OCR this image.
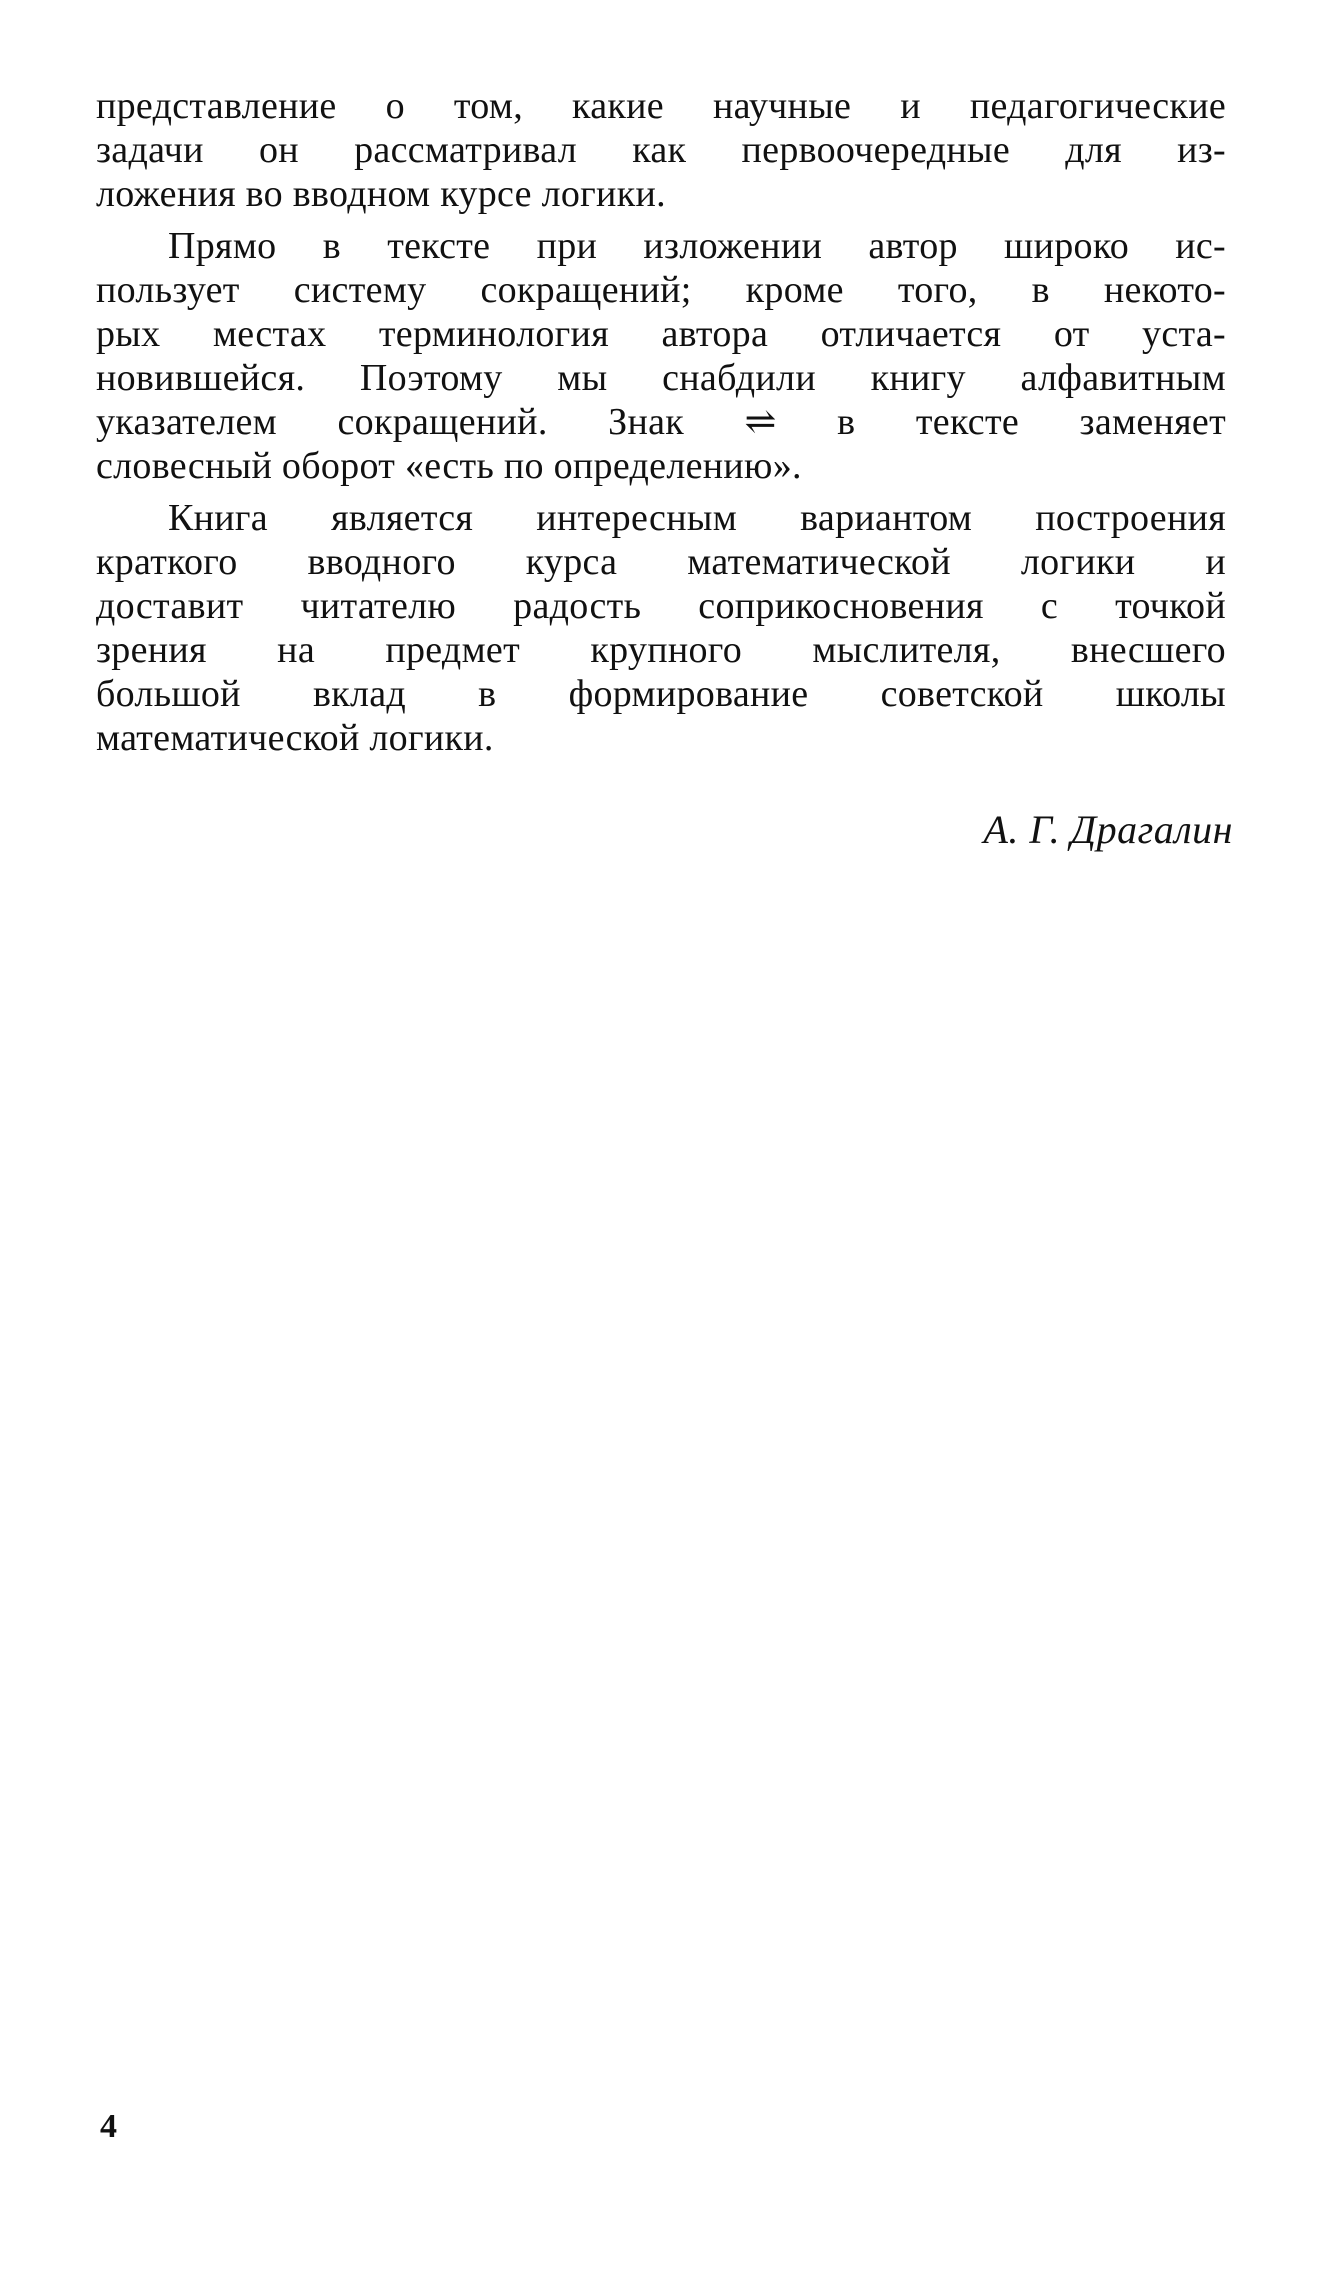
представление о том, какие научные и педагогические
задачи он рассматривал как первоочередные для из-
ложения во вводном курсе логики.
Прямо в тексте при изложении автор широко ис-
пользует систему сокращений; кроме того, в некото-
рых местах терминология автора отличается от уста-
новившейся. Поэтому мы снабдили книгу алфавитным
указателем сокращений. Знак ⇌ в тексте заменяет
словесный оборот «есть по определению».
Книга является интересным вариантом построения
краткого вводного курса математической логики и
доставит читателю радость соприкосновения с точкой
зрения на предмет крупного мыслителя, внесшего
большой вклад в формирование советской школы
математической логики.
А. Г. Драгалин
4
